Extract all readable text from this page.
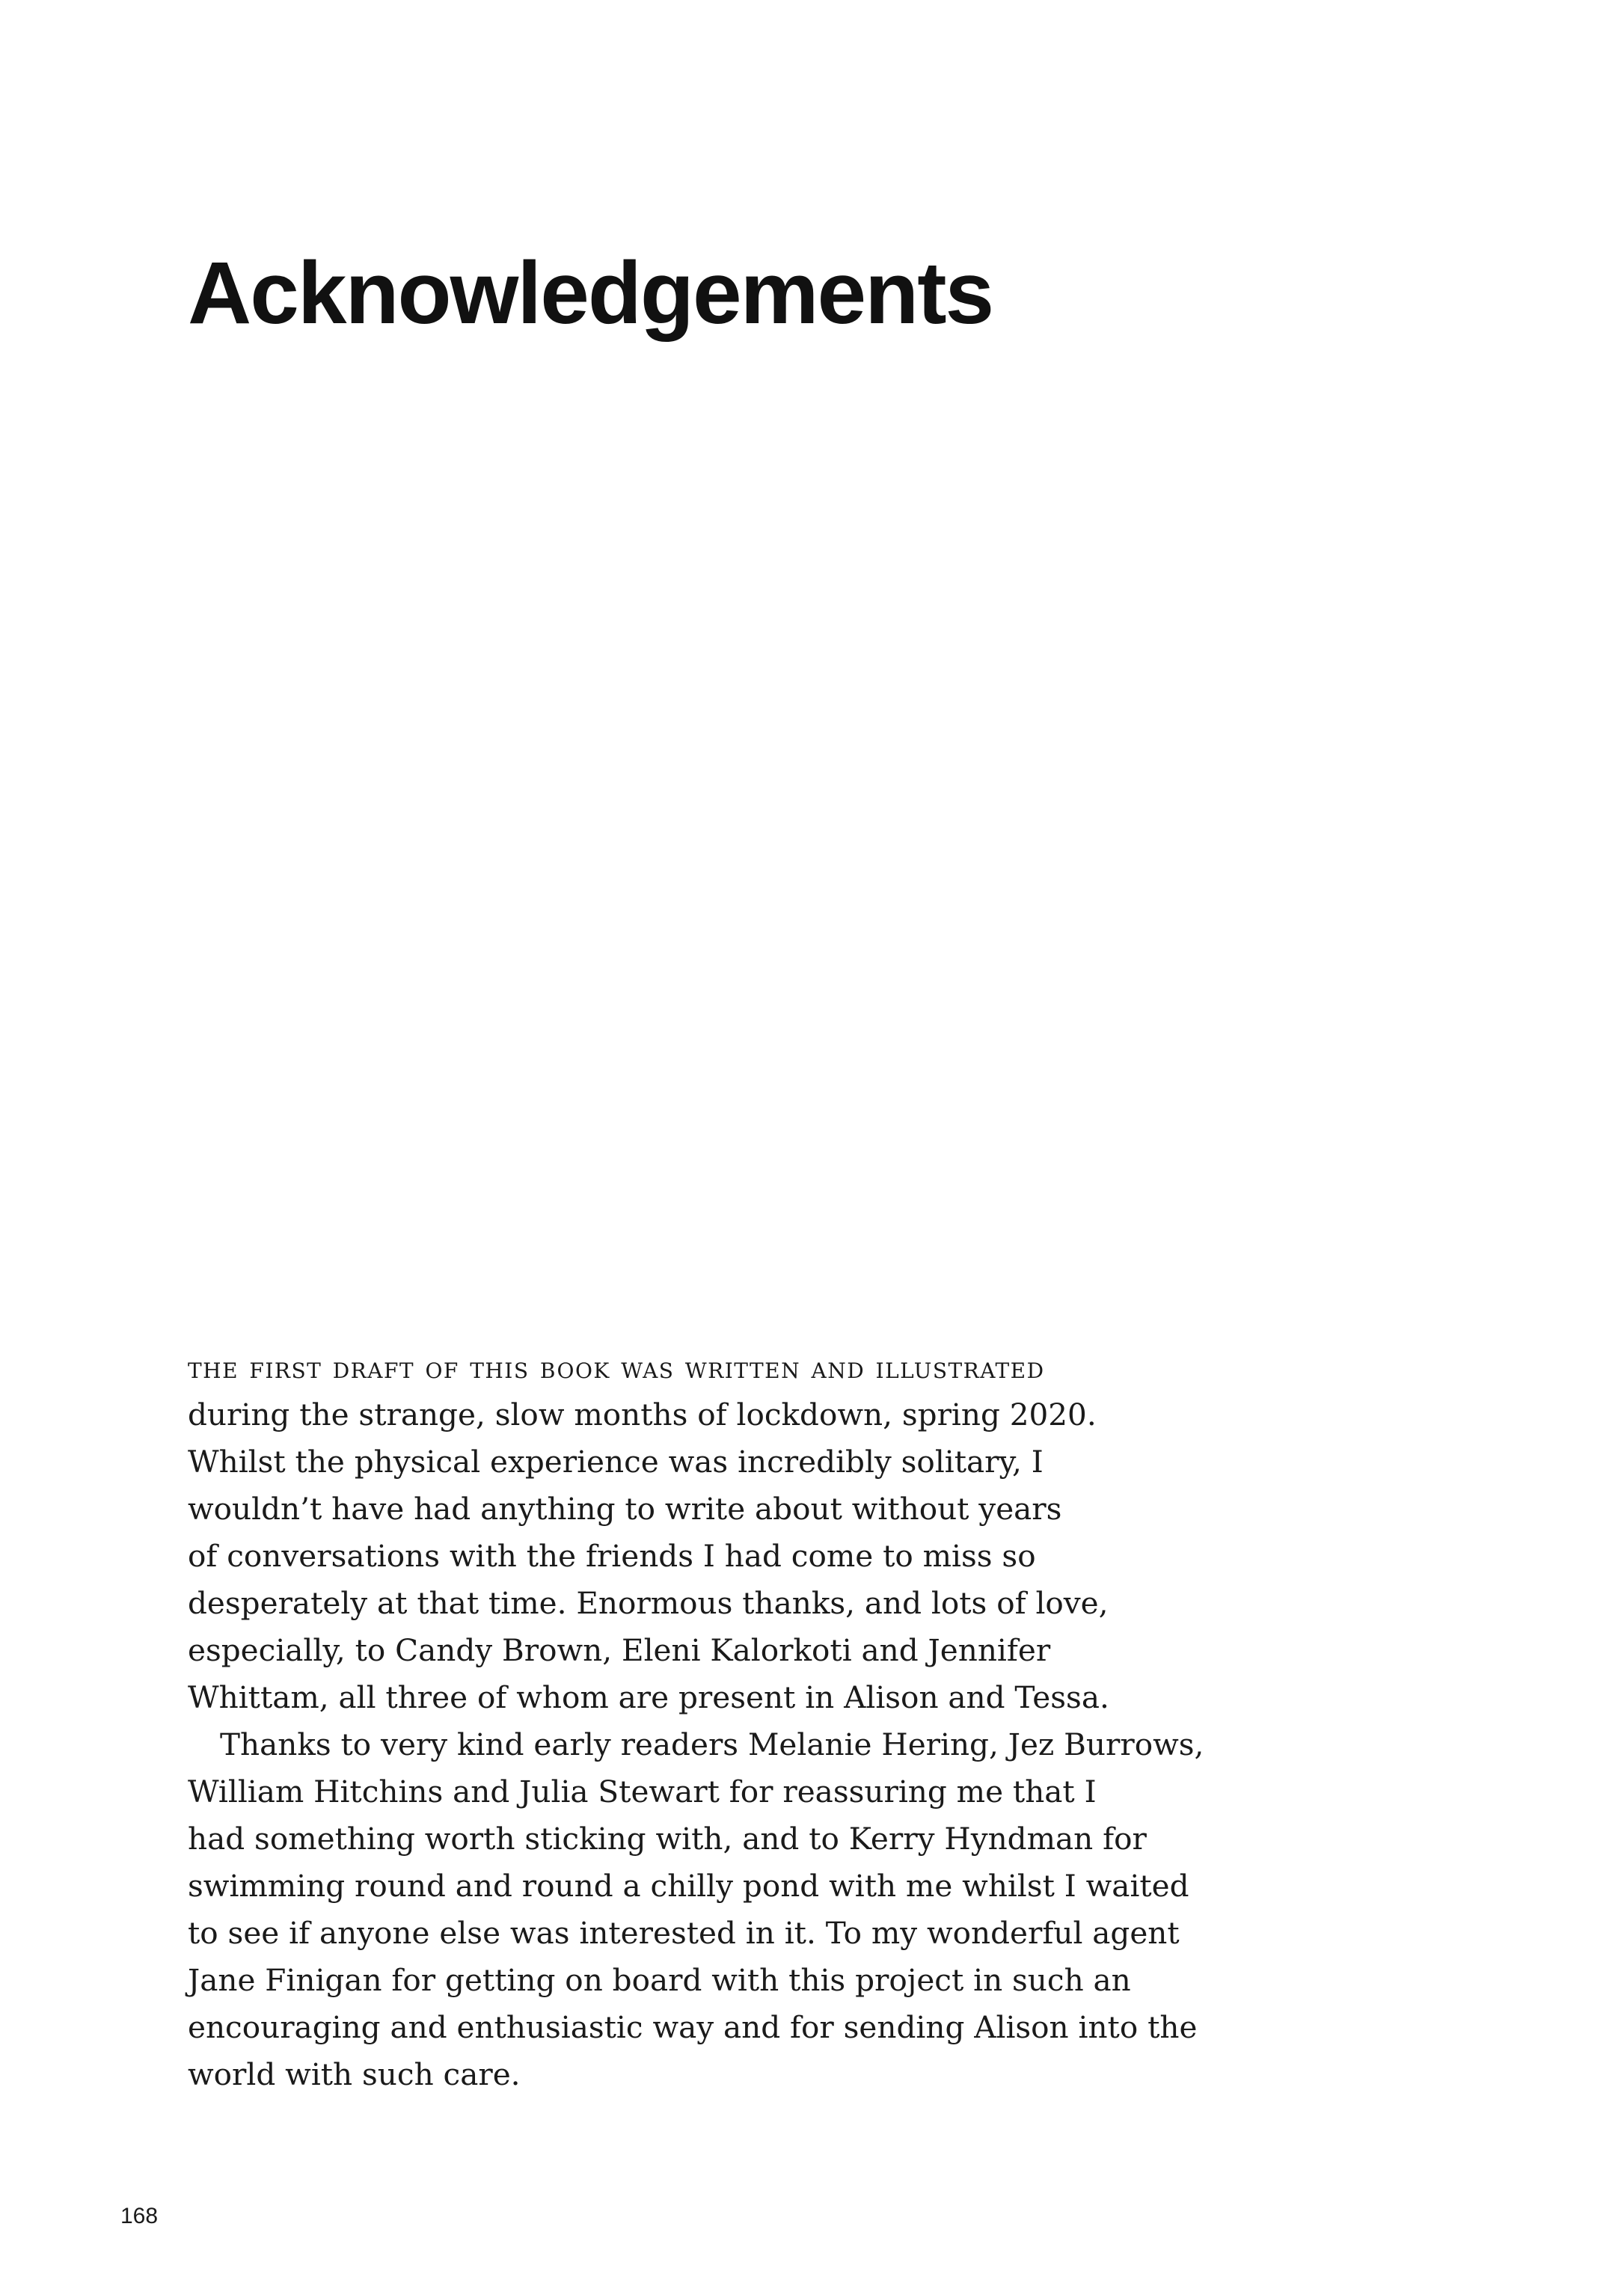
Acknowledgements
the first draft of this book was written and illustrated
during the strange, slow months of lockdown, spring 2020.
Whilst the physical experience was incredibly solitary, I
wouldn’t have had anything to write about without years
of conversations with the friends I had come to miss so
desperately at that time. Enormous thanks, and lots of love,
especially, to Candy Brown, Eleni Kalorkoti and Jennifer
Whittam, all three of whom are present in Alison and Tessa.
Thanks to very kind early readers Melanie Hering, Jez Burrows,
William Hitchins and Julia Stewart for reassuring me that I
had something worth sticking with, and to Kerry Hyndman for
swimming round and round a chilly pond with me whilst I waited
to see if anyone else was interested in it. To my wonderful agent
Jane Finigan for getting on board with this project in such an
encouraging and enthusiastic way and for sending Alison into the
world with such care.
168
